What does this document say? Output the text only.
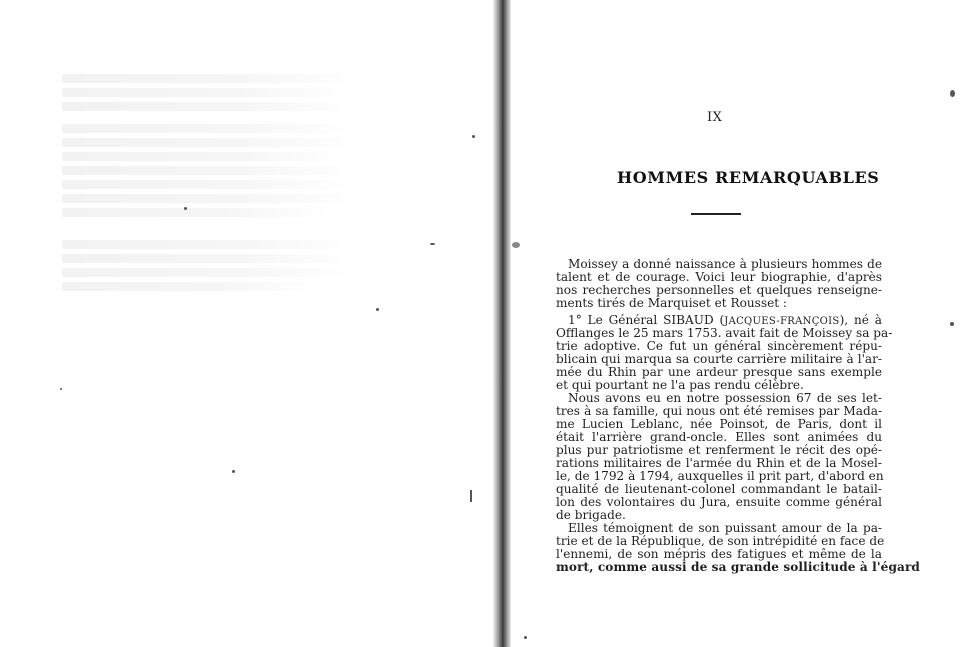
IX
HOMMES REMARQUABLES
Moissey a donné naissance à plusieurs hommes de
talent et de courage. Voici leur biographie, d'après
nos recherches personnelles et quelques renseigne-
ments tirés de Marquiset et Rousset :
1° Le Général SIBAUD (JACQUES-FRANÇOIS), né à
Offlanges le 25 mars 1753. avait fait de Moissey sa pa-
trie adoptive. Ce fut un général sincèrement répu-
blicain qui marqua sa courte carrière militaire à l'ar-
mée du Rhin par une ardeur presque sans exemple
et qui pourtant ne l'a pas rendu célèbre.
Nous avons eu en notre possession 67 de ses let-
tres à sa famille, qui nous ont été remises par Mada-
me Lucien Leblanc, née Poinsot, de Paris, dont il
était l'arrière grand-oncle. Elles sont animées du
plus pur patriotisme et renferment le récit des opé-
rations militaires de l'armée du Rhin et de la Mosel-
le, de 1792 à 1794, auxquelles il prit part, d'abord en
qualité de lieutenant-colonel commandant le batail-
lon des volontaires du Jura, ensuite comme général
de brigade.
Elles témoignent de son puissant amour de la pa-
trie et de la République, de son intrépidité en face de
l'ennemi, de son mépris des fatigues et même de la
mort, comme aussi de sa grande sollicitude à l'égard
